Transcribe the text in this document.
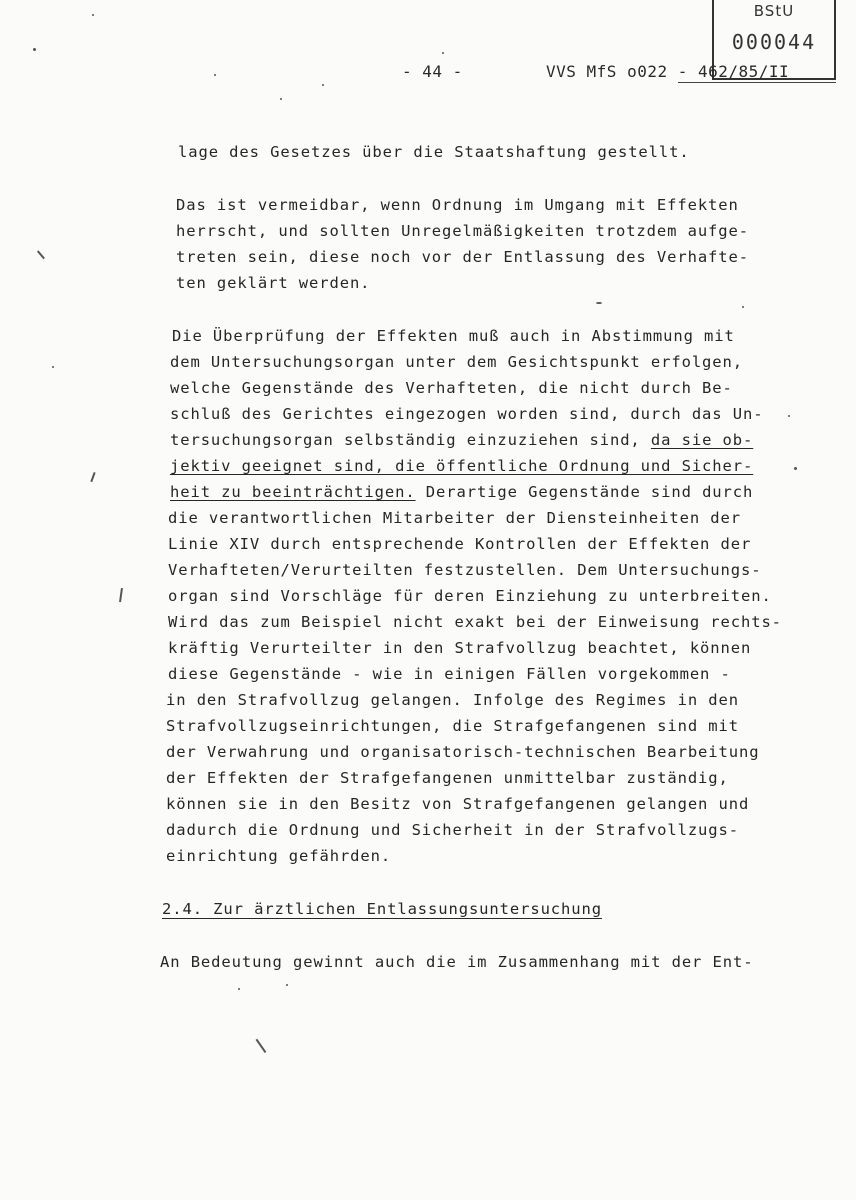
BStU
000044
- 44 -	VVS MfS o022 - 462/85/II
lage des Gesetzes über die Staatshaftung gestellt.
Das ist vermeidbar, wenn Ordnung im Umgang mit Effekten
herrscht, und sollten Unregelmäßigkeiten trotzdem aufge-
treten sein, diese noch vor der Entlassung des Verhafte-
ten geklärt werden.
Die Überprüfung der Effekten muß auch in Abstimmung mit
dem Untersuchungsorgan unter dem Gesichtspunkt erfolgen,
welche Gegenstände des Verhafteten, die nicht durch Be-
schluß des Gerichtes eingezogen worden sind, durch das Un-
tersuchungsorgan selbständig einzuziehen sind, da sie ob-
jektiv geeignet sind, die öffentliche Ordnung und Sicher-
heit zu beeinträchtigen. Derartige Gegenstände sind durch
die verantwortlichen Mitarbeiter der Diensteinheiten der
Linie XIV durch entsprechende Kontrollen der Effekten der
Verhafteten/Verurteilten festzustellen. Dem Untersuchungs-
organ sind Vorschläge für deren Einziehung zu unterbreiten.
Wird das zum Beispiel nicht exakt bei der Einweisung rechts-
kräftig Verurteilter in den Strafvollzug beachtet, können
diese Gegenstände - wie in einigen Fällen vorgekommen -
in den Strafvollzug gelangen. Infolge des Regimes in den
Strafvollzugseinrichtungen, die Strafgefangenen sind mit
der Verwahrung und organisatorisch-technischen Bearbeitung
der Effekten der Strafgefangenen unmittelbar zuständig,
können sie in den Besitz von Strafgefangenen gelangen und
dadurch die Ordnung und Sicherheit in der Strafvollzugs-
einrichtung gefährden.
2.4. Zur ärztlichen Entlassungsuntersuchung
An Bedeutung gewinnt auch die im Zusammenhang mit der Ent-
